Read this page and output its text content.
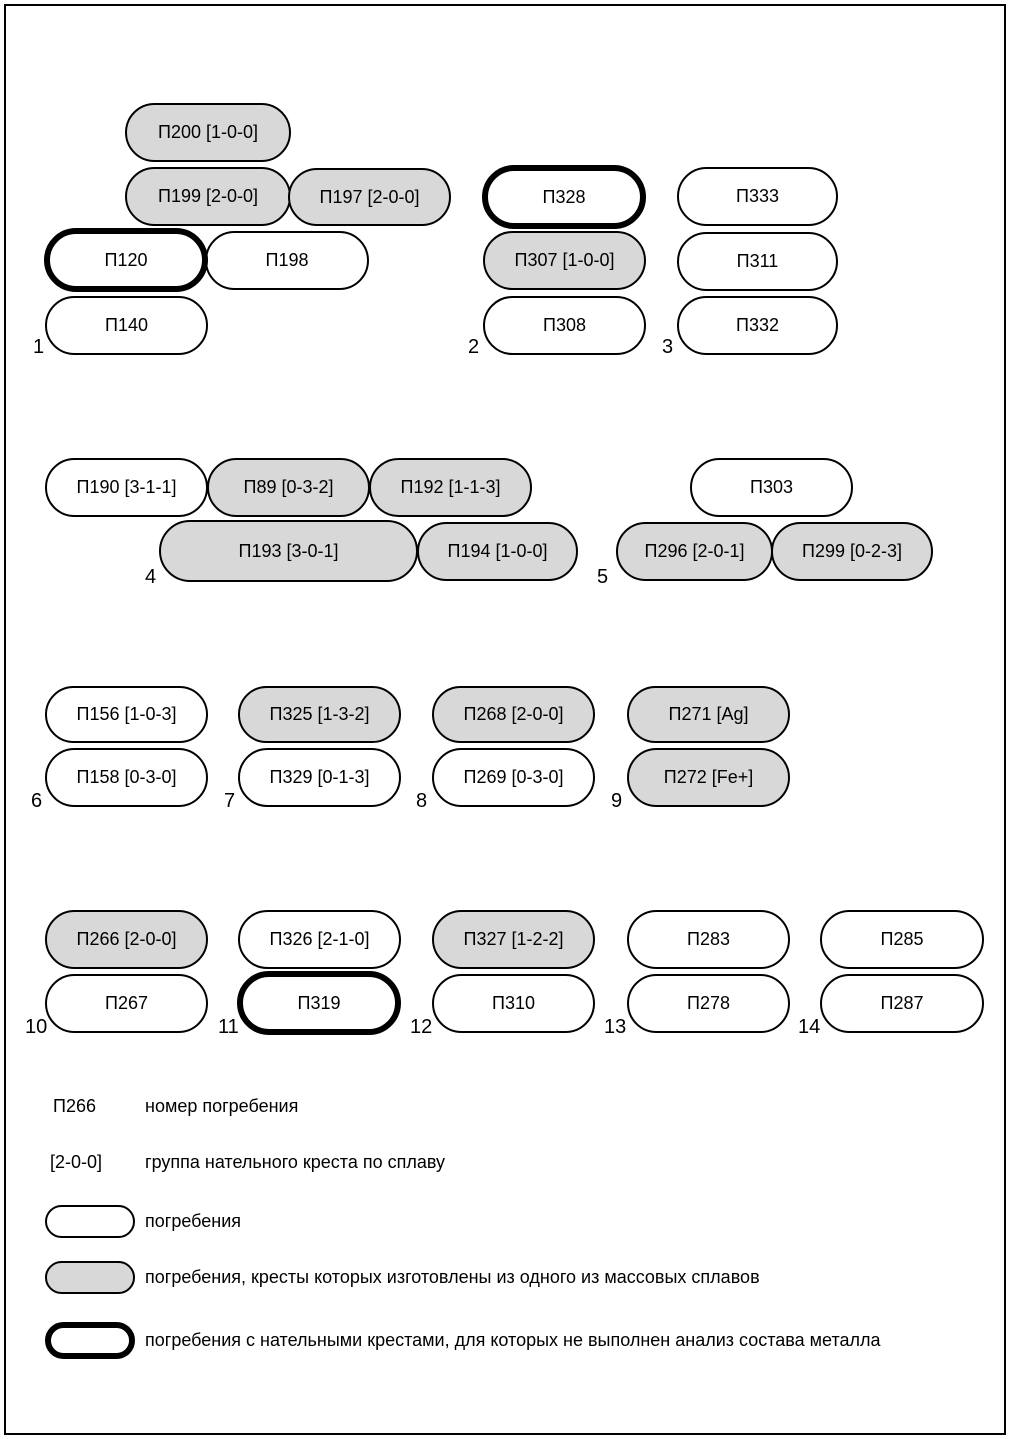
П200 [1-0-0]
П199 [2-0-0]	П197 [2-0-0]
П198
П120
П140
1
П328
П307 [1-0-0]
П308
2
П333
П311
П332
3
П190 [3-1-1]	П89 [0-3-2]	П192 [1-1-3]
П193 [3-0-1]	П194 [1-0-0]
4
П303
П296 [2-0-1]	П299 [0-2-3]
5
П156 [1-0-3]
П158 [0-3-0]
6
П325 [1-3-2]
П329 [0-1-3]
7
П268 [2-0-0]
П269 [0-3-0]
8
П271 [Ag]
П272 [Fe+]
9
П266 [2-0-0]
П267
10
П326 [2-1-0]
П319
11
П327 [1-2-2]
П310
12
П283
П278
13
П285
П287
14
П266	номер погребения
[2-0-0]	группа нательного креста по сплаву
погребения
погребения, кресты которых изготовлены из одного из массовых сплавов
погребения с нательными крестами, для которых не выполнен анализ состава металла
